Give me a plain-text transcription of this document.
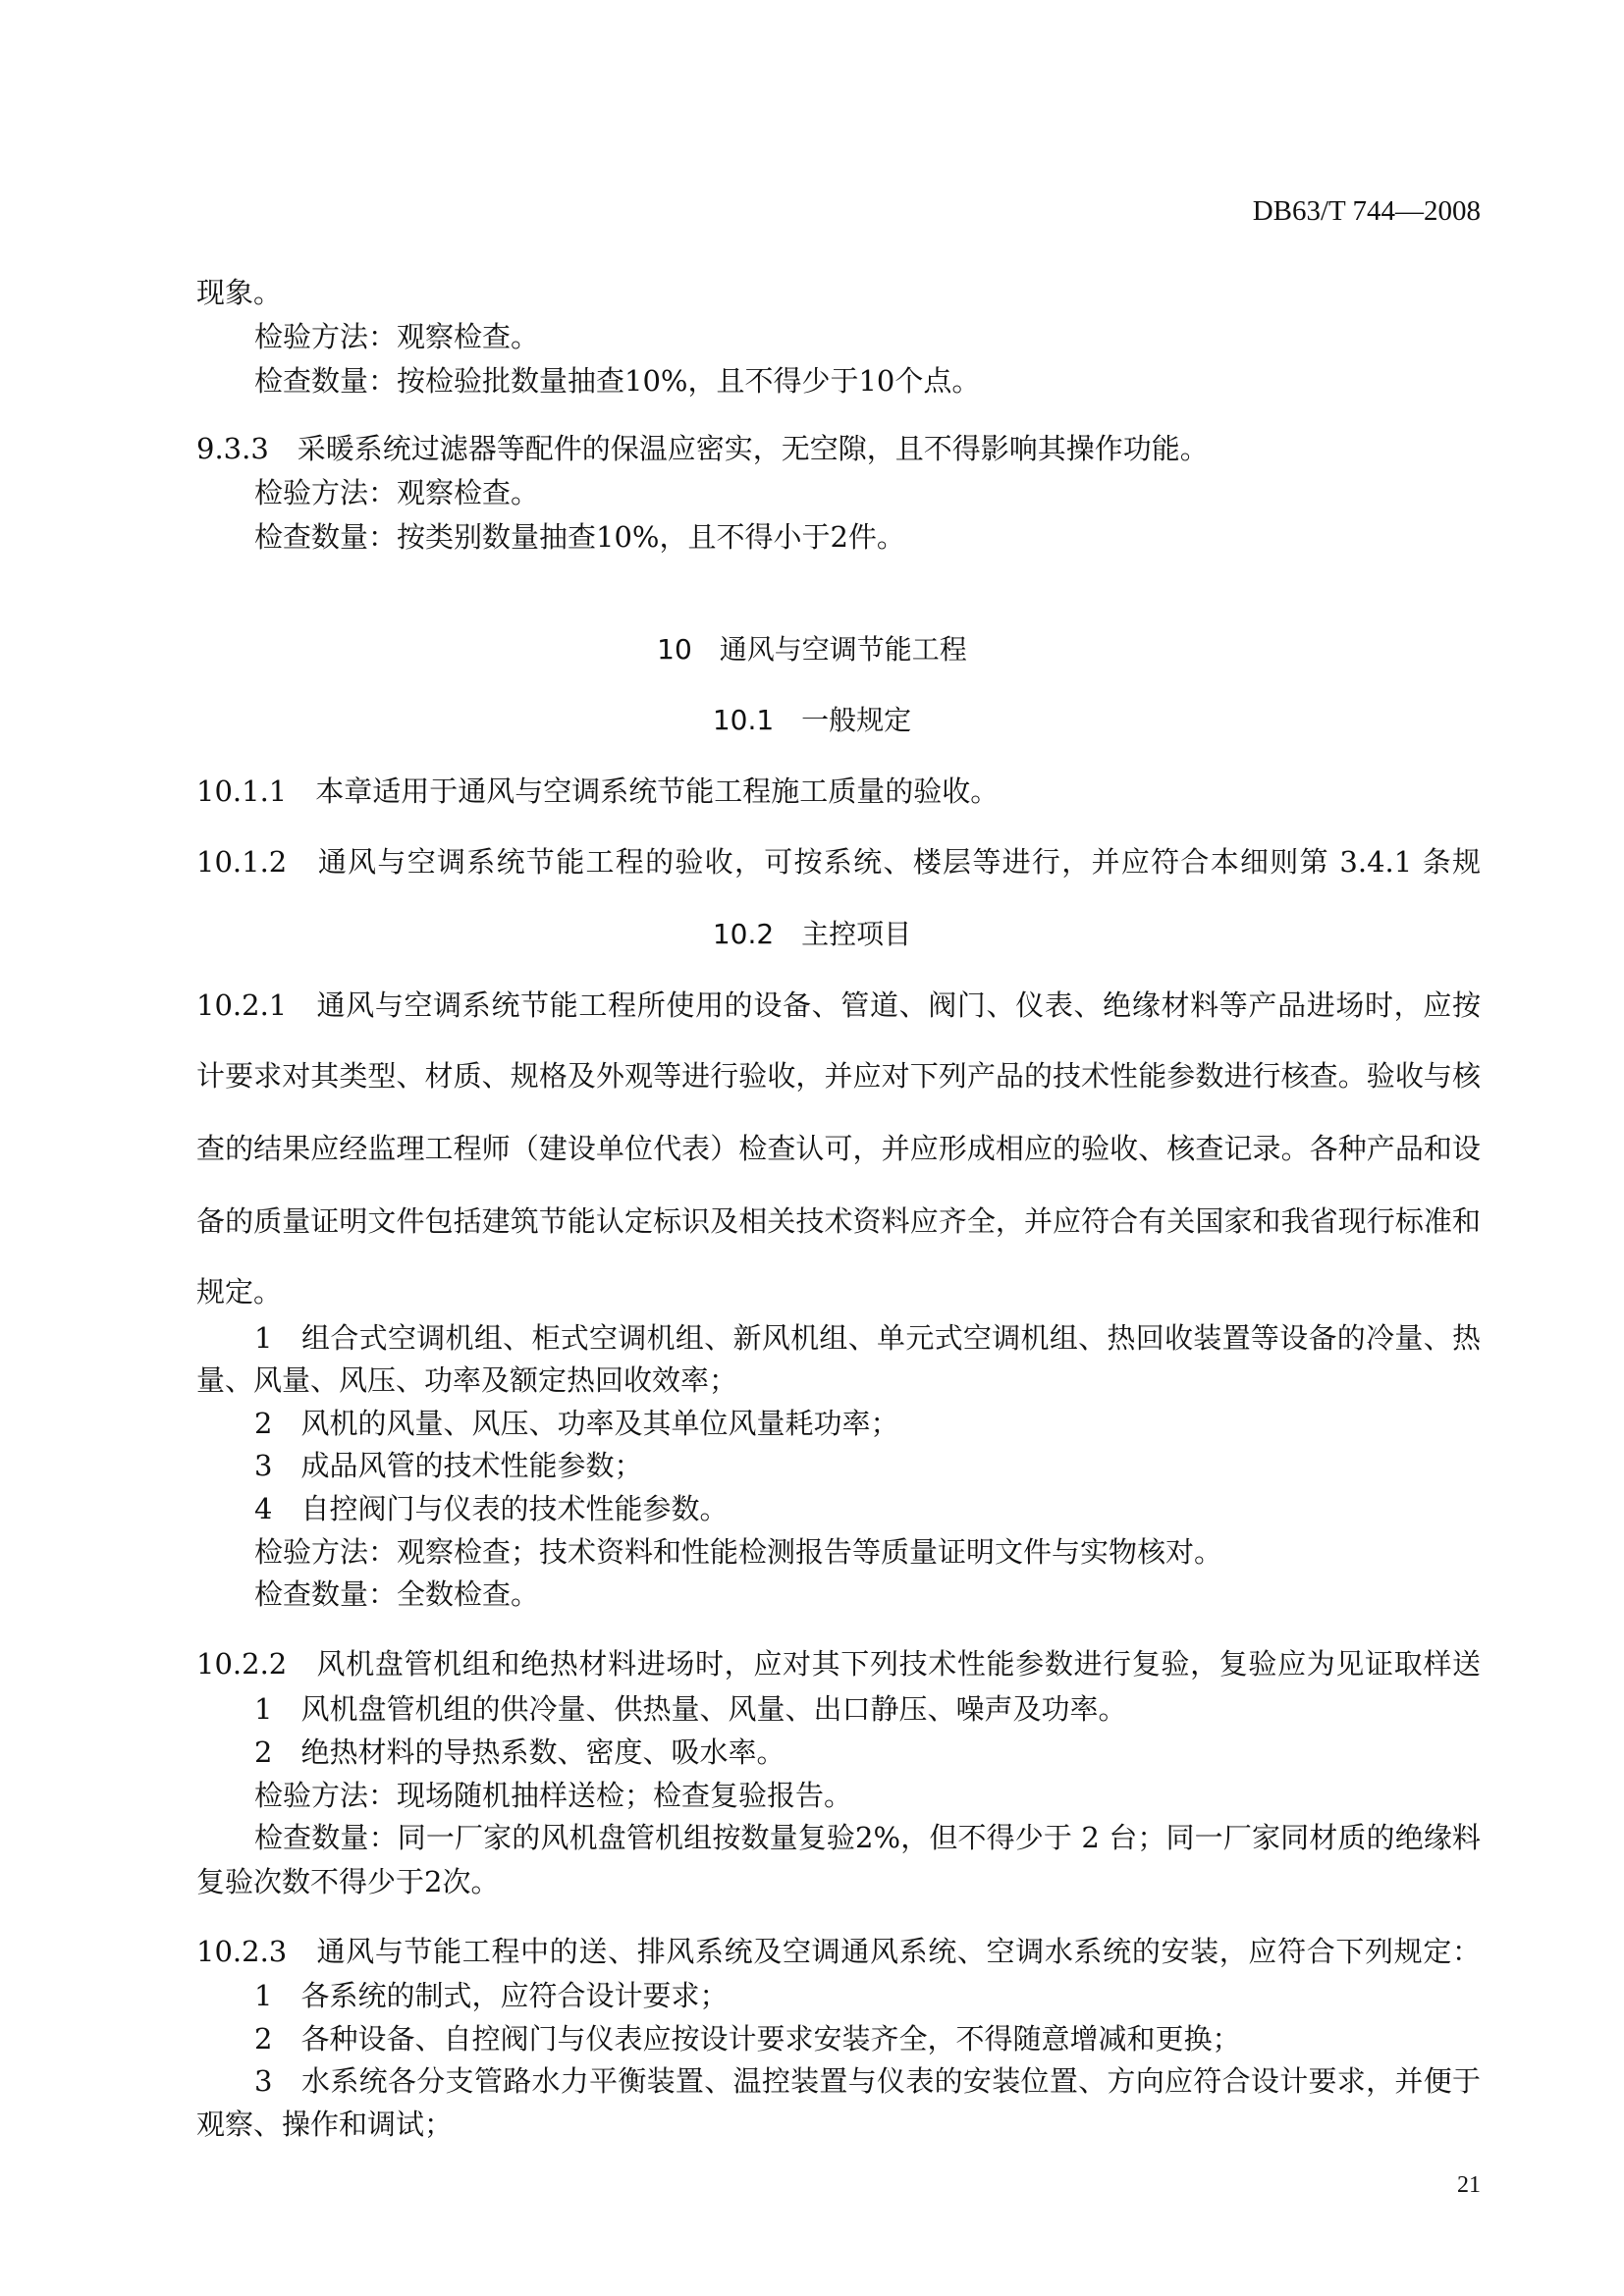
DB63/T 744—2008
现象。
检验方法：观察检查。
检查数量：按检验批数量抽查10%，且不得少于10个点。
9.3.3　采暖系统过滤器等配件的保温应密实，无空隙，且不得影响其操作功能。
检验方法：观察检查。
检查数量：按类别数量抽查10%，且不得小于2件。
10　通风与空调节能工程
10.1　一般规定
10.1.1　本章适用于通风与空调系统节能工程施工质量的验收。
10.1.2　通风与空调系统节能工程的验收，可按系统、楼层等进行，并应符合本细则第 3.4.1 条规
10.2　主控项目
10.2.1　通风与空调系统节能工程所使用的设备、管道、阀门、仪表、绝缘材料等产品进场时，应按
计要求对其类型、材质、规格及外观等进行验收，并应对下列产品的技术性能参数进行核查。验收与核
查的结果应经监理工程师（建设单位代表）检查认可，并应形成相应的验收、核查记录。各种产品和设
备的质量证明文件包括建筑节能认定标识及相关技术资料应齐全，并应符合有关国家和我省现行标准和
规定。
1　组合式空调机组、柜式空调机组、新风机组、单元式空调机组、热回收装置等设备的冷量、热
量、风量、风压、功率及额定热回收效率；
2　风机的风量、风压、功率及其单位风量耗功率；
3　成品风管的技术性能参数；
4　自控阀门与仪表的技术性能参数。
检验方法：观察检查；技术资料和性能检测报告等质量证明文件与实物核对。
检查数量：全数检查。
10.2.2　风机盘管机组和绝热材料进场时，应对其下列技术性能参数进行复验，复验应为见证取样送
1　风机盘管机组的供冷量、供热量、风量、出口静压、噪声及功率。
2　绝热材料的导热系数、密度、吸水率。
检验方法：现场随机抽样送检；检查复验报告。
检查数量：同一厂家的风机盘管机组按数量复验2%，但不得少于 2 台；同一厂家同材质的绝缘料
复验次数不得少于2次。
10.2.3　通风与节能工程中的送、排风系统及空调通风系统、空调水系统的安装，应符合下列规定：
1　各系统的制式，应符合设计要求；
2　各种设备、自控阀门与仪表应按设计要求安装齐全，不得随意增减和更换；
3　水系统各分支管路水力平衡装置、温控装置与仪表的安装位置、方向应符合设计要求，并便于
观察、操作和调试；
21
